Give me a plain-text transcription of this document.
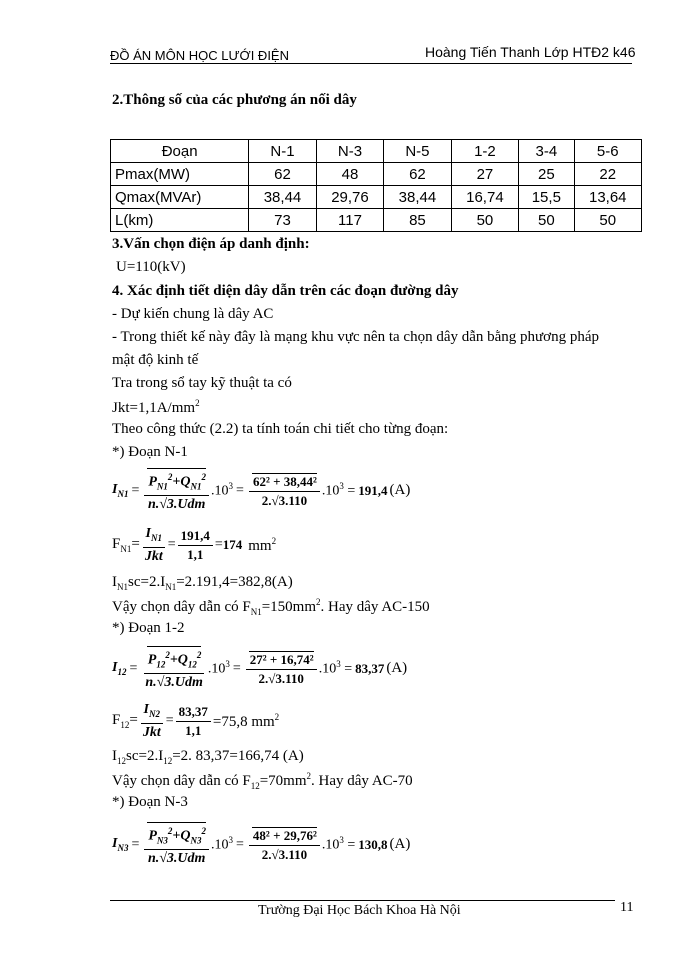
ĐỒ ÁN MÔN HỌC LƯỚI ĐIỆN	Hoàng Tiến Thanh Lớp HTĐ2 k46
2.Thông số của các phương án nối dây
Đoạn	N-1	N-3	N-5	1-2	3-4	5-6
Pmax(MW)	62	48	62	27	25	22
Qmax(MVAr)	38,44	29,76	38,44	16,74	15,5	13,64
L(km)	73	117	85	50	50	50
3.Vấn chọn điện áp danh định:
U=110(kV)
4. Xác định tiết diện dây dẫn trên các đoạn đường dây
- Dự kiến chung là dây AC
- Trong thiết kế này đây là mạng khu vực nên ta chọn dây dẫn bằng phương pháp
mật độ kinh tế
Tra trong sổ tay kỹ thuật ta có
$Jkt=1,1A/mm^2$
Theo công thức (2.2) ta tính toán chi tiết cho từng đoạn:
*) Đoạn N-1
$I_{N1} = \frac{P_{N1}^2+Q_{N1}^2}{\text{n.√3.Udm}} .10^3 = \frac{\text{62² + 38,44²}}{2.√3.110} .10^3 = 191,4$ (A)
$F_{N1}= \frac{I_{N1}}{\text{Jkt}} = \frac{191,4}{1,1} = 174$ $mm^2$
$I_{N1}sc=2.I_{N1}=2.191,4=382,8(A)$
Vậy chọn dây dẫn có $F_{N1}=150mm^2$. Hay dây AC-150
*) Đoạn 1-2
$I_{12} = \frac{P_{12}^2+Q_{12}^2}{\text{n.√3.Udm}} .10^3 = \frac{\text{27² + 16,74²}}{2.√3.110} .10^3 = 83,37$ (A)
$F_{12}= \frac{I_{N2}}{\text{Jkt}} = \frac{83,37}{1,1} =75,8$ $mm^2$
$I_{12}sc=2.I_{12}=2$. 83,37=166,74 (A)
Vậy chọn dây dẫn có $F_{12}=70mm^2$. Hay dây AC-70
*) Đoạn N-3
$I_{N3} = \frac{P_{N3}^2+Q_{N3}^2}{\text{n.√3.Udm}} .10^3 = \frac{\text{48² + 29,76²}}{2.√3.110} .10^3 = 130,8$ (A)
Trường Đại Học Bách Khoa Hà Nội	11
